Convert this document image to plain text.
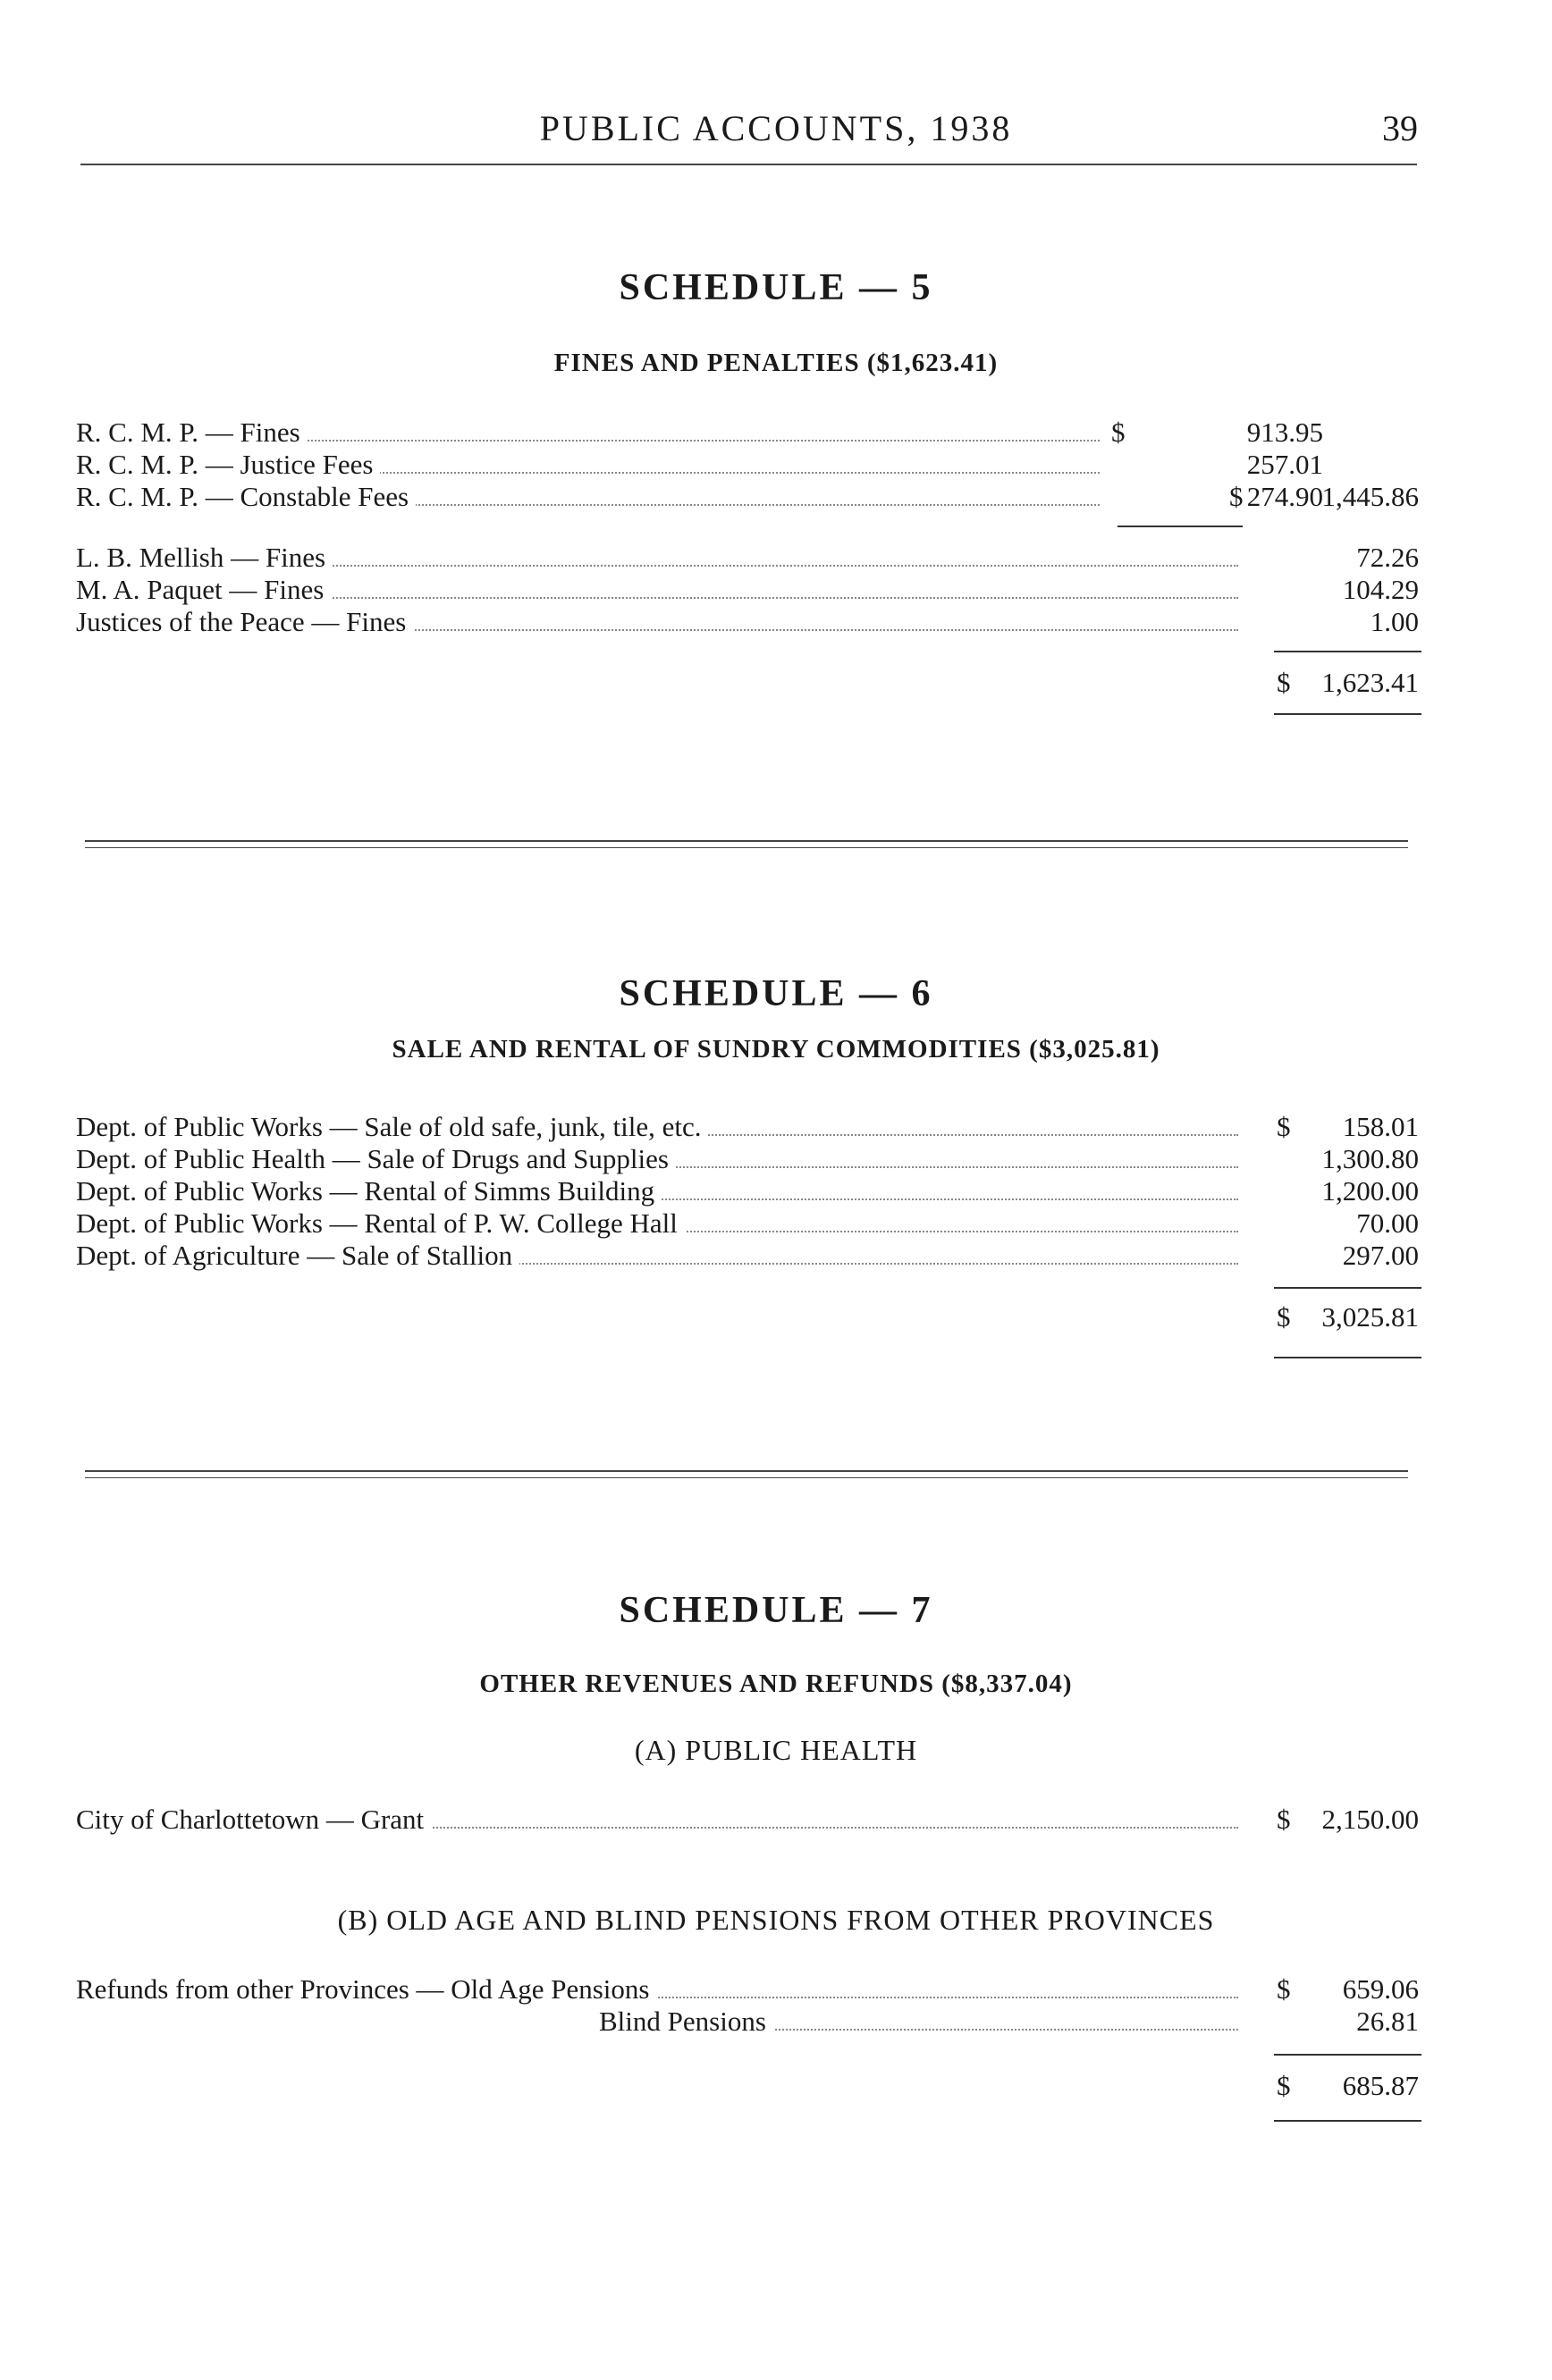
PUBLIC ACCOUNTS, 1938	39
SCHEDULE — 5
FINES AND PENALTIES ($1,623.41)
R. C. M. P. — Fines	$	913.95
R. C. M. P. — Justice Fees	257.01
R. C. M. P. — Constable Fees	274.90
$	1,445.86
L. B. Mellish — Fines	72.26
M. A. Paquet — Fines	104.29
Justices of the Peace — Fines	1.00
$	1,623.41
SCHEDULE — 6
SALE AND RENTAL OF SUNDRY COMMODITIES ($3,025.81)
Dept. of Public Works — Sale of old safe, junk, tile, etc.	$	158.01
Dept. of Public Health — Sale of Drugs and Supplies	1,300.80
Dept. of Public Works — Rental of Simms Building	1,200.00
Dept. of Public Works — Rental of P. W. College Hall	70.00
Dept. of Agriculture — Sale of Stallion	297.00
$	3,025.81
SCHEDULE — 7
OTHER REVENUES AND REFUNDS ($8,337.04)
(A) PUBLIC HEALTH
City of Charlottetown — Grant	$	2,150.00
(B) OLD AGE AND BLIND PENSIONS FROM OTHER PROVINCES
Refunds from other Provinces — Old Age Pensions	$	659.06
Blind Pensions	26.81
$	685.87
